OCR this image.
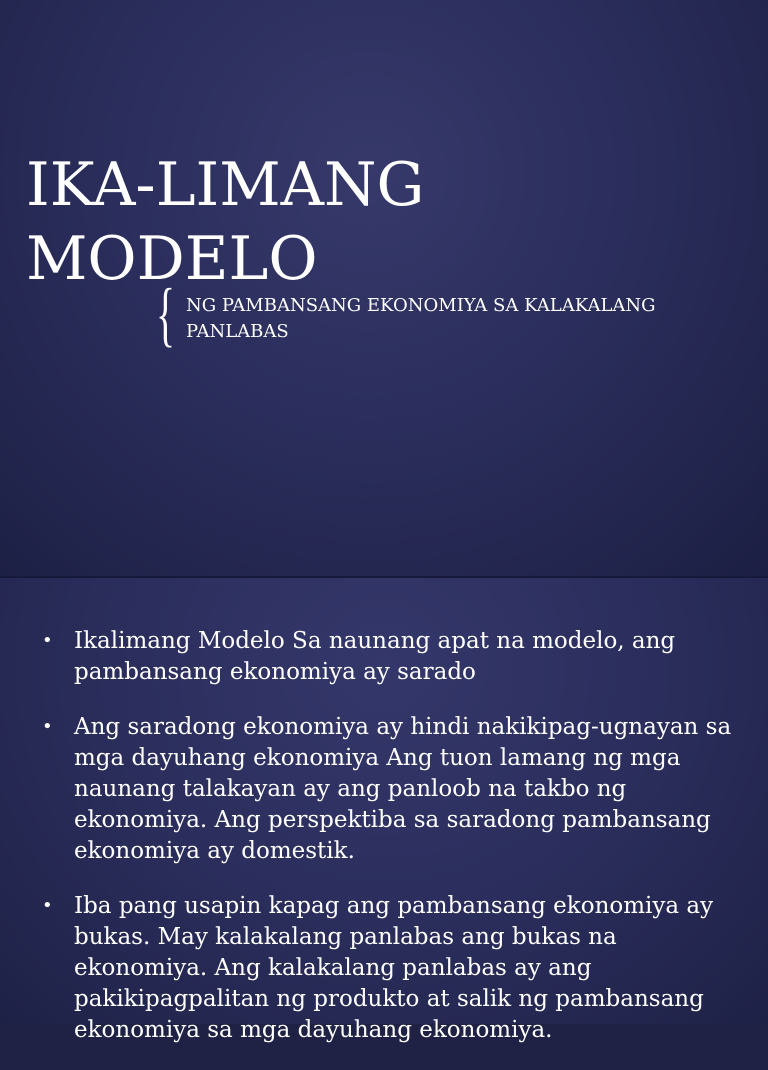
IKA-LIMANG
MODELO
{ NG PAMBANSANG EKONOMIYA SA KALAKALANG PANLABAS

• Ikalimang Modelo Sa naunang apat na modelo, ang pambansang ekonomiya ay sarado
• Ang saradong ekonomiya ay hindi nakikipag-ugnayan sa mga dayuhang ekonomiya Ang tuon lamang ng mga naunang talakayan ay ang panloob na takbo ng ekonomiya. Ang perspektiba sa saradong pambansang ekonomiya ay domestik.
• Iba pang usapin kapag ang pambansang ekonomiya ay bukas. May kalakalang panlabas ang bukas na ekonomiya. Ang kalakalang panlabas ay ang pakikipagpalitan ng produkto at salik ng pambansang ekonomiya sa mga dayuhang ekonomiya.
